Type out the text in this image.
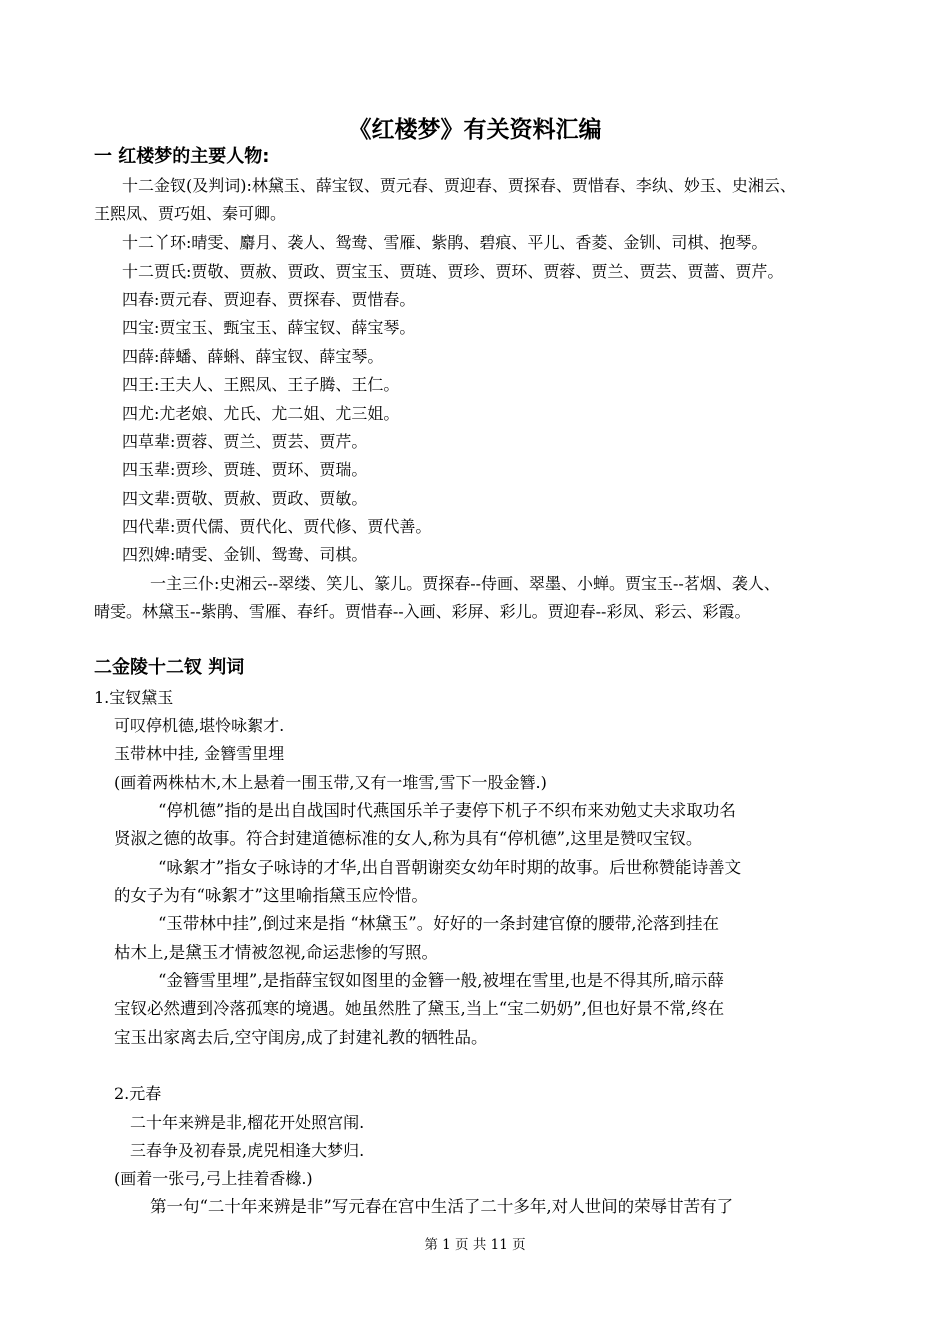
《红楼梦》有关资料汇编
一 红楼梦的主要人物:
十二金钗(及判词):林黛玉、薛宝钗、贾元春、贾迎春、贾探春、贾惜春、李纨、妙玉、史湘云、
王熙凤、贾巧姐、秦可卿。
十二丫环:晴雯、麝月、袭人、鸳鸯、雪雁、紫鹃、碧痕、平儿、香菱、金钏、司棋、抱琴。
十二贾氏:贾敬、贾赦、贾政、贾宝玉、贾琏、贾珍、贾环、贾蓉、贾兰、贾芸、贾蔷、贾芹。
四春:贾元春、贾迎春、贾探春、贾惜春。
四宝:贾宝玉、甄宝玉、薛宝钗、薛宝琴。
四薛:薛蟠、薛蝌、薛宝钗、薛宝琴。
四王:王夫人、王熙凤、王子腾、王仁。
四尤:尤老娘、尤氏、尤二姐、尤三姐。
四草辈:贾蓉、贾兰、贾芸、贾芹。
四玉辈:贾珍、贾琏、贾环、贾瑞。
四文辈:贾敬、贾赦、贾政、贾敏。
四代辈:贾代儒、贾代化、贾代修、贾代善。
四烈婢:晴雯、金钏、鸳鸯、司棋。
一主三仆:史湘云--翠缕、笑儿、篆儿。贾探春--侍画、翠墨、小蝉。贾宝玉--茗烟、袭人、
晴雯。林黛玉--紫鹃、雪雁、春纤。贾惜春--入画、彩屏、彩儿。贾迎春--彩凤、彩云、彩霞。
二金陵十二钗 判词
1.宝钗黛玉
可叹停机德,堪怜咏絮才.
玉带林中挂, 金簪雪里埋
(画着两株枯木,木上悬着一围玉带,又有一堆雪,雪下一股金簪.)
“停机德”指的是出自战国时代燕国乐羊子妻停下机子不织布来劝勉丈夫求取功名
贤淑之德的故事。符合封建道德标准的女人,称为具有“停机德”,这里是赞叹宝钗。
“咏絮才”指女子咏诗的才华,出自晋朝谢奕女幼年时期的故事。后世称赞能诗善文
的女子为有“咏絮才”这里喻指黛玉应怜惜。
“玉带林中挂”,倒过来是指 “林黛玉”。好好的一条封建官僚的腰带,沦落到挂在
枯木上,是黛玉才情被忽视,命运悲惨的写照。
“金簪雪里埋”,是指薛宝钗如图里的金簪一般,被埋在雪里,也是不得其所,暗示薛
宝钗必然遭到冷落孤寒的境遇。她虽然胜了黛玉,当上“宝二奶奶”,但也好景不常,终在
宝玉出家离去后,空守闺房,成了封建礼教的牺牲品。
2.元春
二十年来辨是非,榴花开处照宫闱.
三春争及初春景,虎兕相逢大梦归.
(画着一张弓,弓上挂着香橼.)
第一句“二十年来辨是非”写元春在宫中生活了二十多年,对人世间的荣辱甘苦有了
第 1 页 共 11 页
